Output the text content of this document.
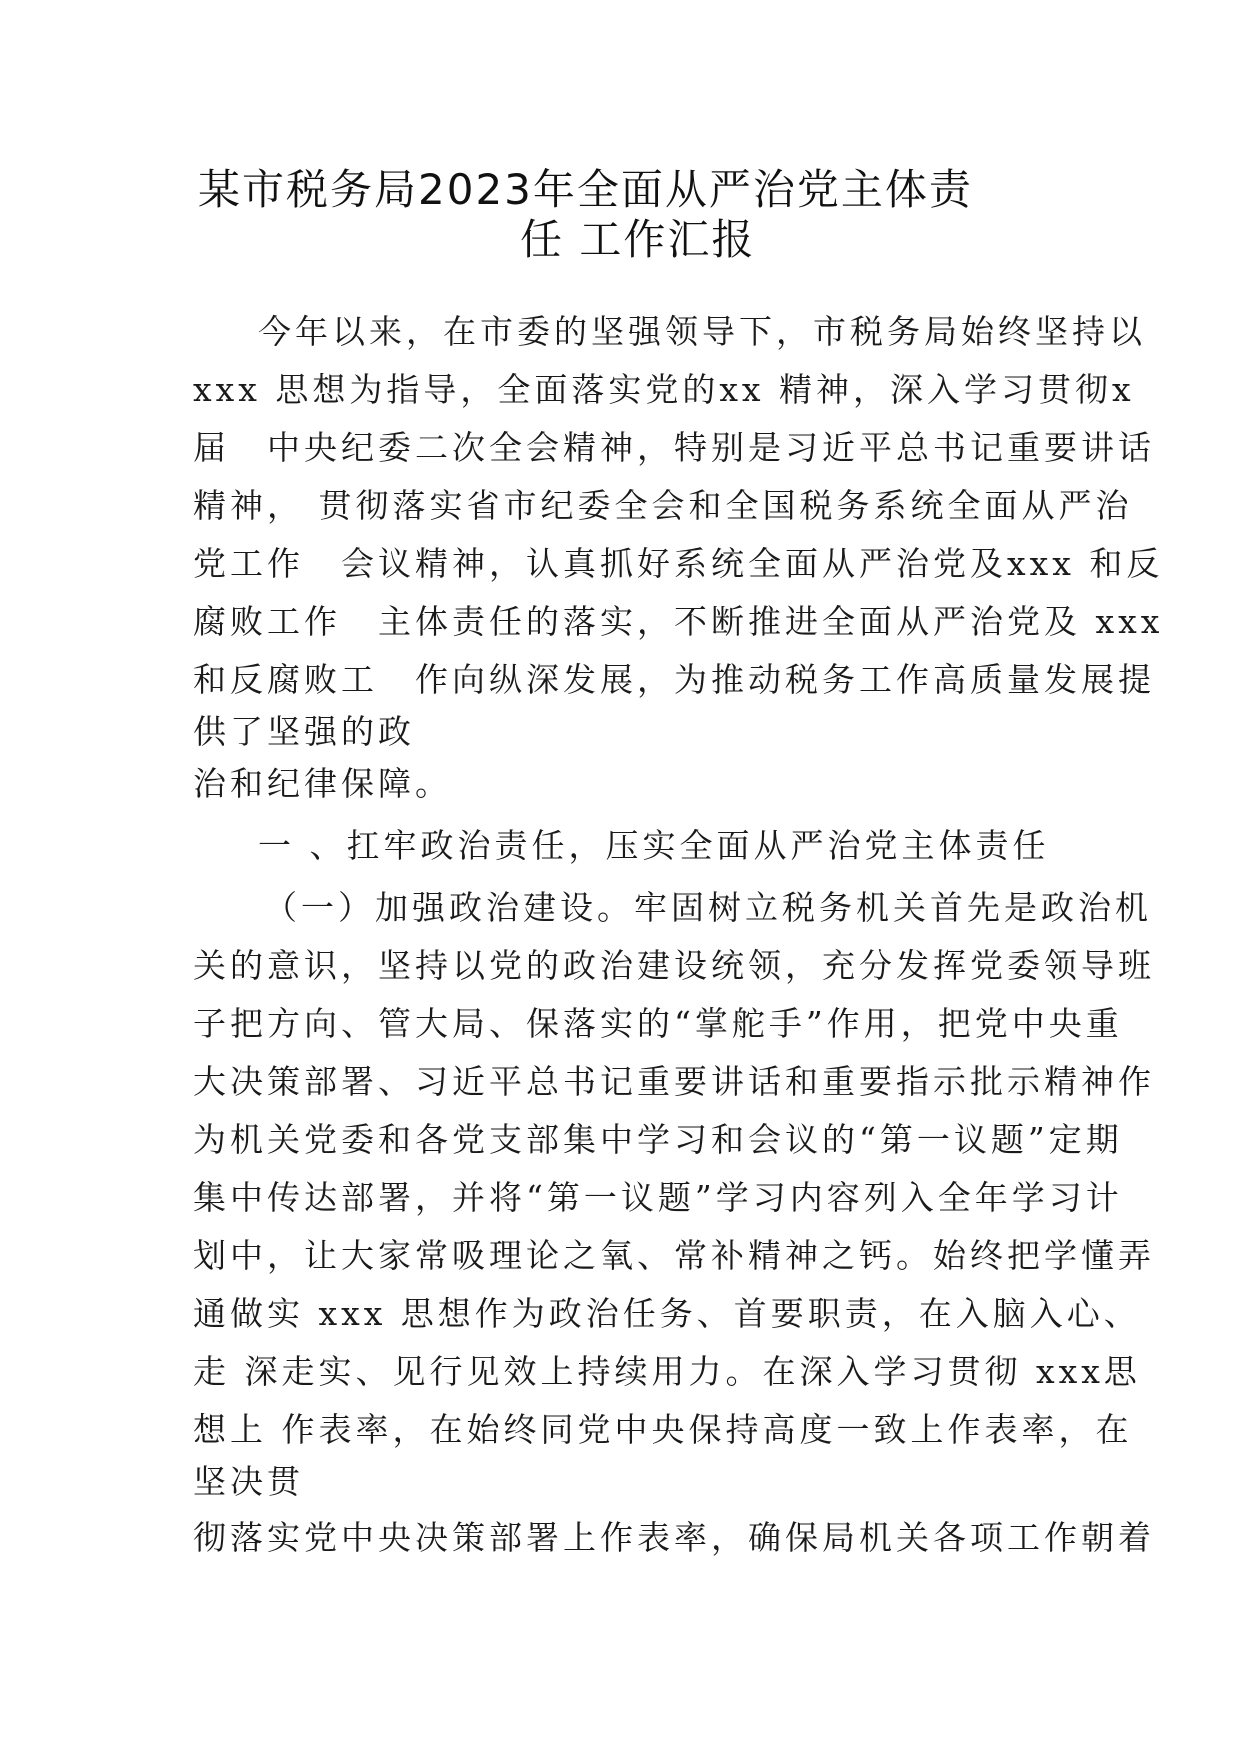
某市税务局2023年全面从严治党主体责
任 工作汇报
今年以来，在市委的坚强领导下，市税务局始终坚持以
xxx 思想为指导，全面落实党的xx 精神，深入学习贯彻x
届　中央纪委二次全会精神，特别是习近平总书记重要讲话
精神， 贯彻落实省市纪委全会和全国税务系统全面从严治
党工作　会议精神，认真抓好系统全面从严治党及xxx 和反
腐败工作　主体责任的落实，不断推进全面从严治党及 xxx
和反腐败工　作向纵深发展，为推动税务工作高质量发展提
供了坚强的政
治和纪律保障。
一 、扛牢政治责任，压实全面从严治党主体责任
（一）加强政治建设。牢固树立税务机关首先是政治机
关的意识，坚持以党的政治建设统领，充分发挥党委领导班
子把方向、管大局、保落实的“掌舵手”作用，把党中央重
大决策部署、习近平总书记重要讲话和重要指示批示精神作
为机关党委和各党支部集中学习和会议的“第一议题”定期
集中传达部署，并将“第一议题”学习内容列入全年学习计
划中，让大家常吸理论之氧、常补精神之钙。始终把学懂弄
通做实 xxx 思想作为政治任务、首要职责，在入脑入心、
走 深走实、见行见效上持续用力。在深入学习贯彻 xxx思
想上 作表率，在始终同党中央保持高度一致上作表率，在
坚决贯
彻落实党中央决策部署上作表率，确保局机关各项工作朝着
